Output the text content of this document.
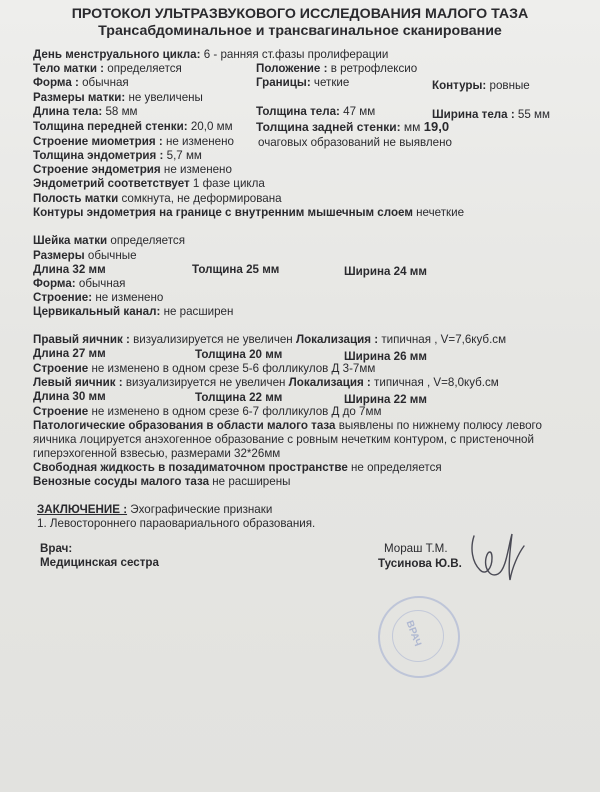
ПРОТОКОЛ УЛЬТРАЗВУКОВОГО ИССЛЕДОВАНИЯ МАЛОГО ТАЗА
Трансабдоминальное и трансвагинальное сканирование
День менструального цикла: 6 - ранняя ст.фазы пролиферации
Тело матки : определяется	Положение : в ретрофлексио
Форма : обычная	Границы: четкие	Контуры: ровные
Размеры матки: не увеличены
Длина тела: 58 мм	Толщина тела: 47 мм	Ширина тела : 55 мм
Толщина передней стенки: 20,0 мм Толщина задней стенки: мм 19,0
Строение миометрия : не изменено очаговых образований не выявлено
Толщина эндометрия : 5,7 мм
Строение эндометрия не изменено
Эндометрий соответствует 1 фазе цикла
Полость матки сомкнута, не деформирована
Контуры эндометрия на границе с внутренним мышечным слоем нечеткие
Шейка матки определяется
Размеры обычные
Длина 32 мм	Толщина 25 мм	Ширина 24 мм
Форма: обычная
Строение: не изменено
Цервикальный канал: не расширен
Правый яичник : визуализируется не увеличен Локализация : типичная , V=7,6куб.см
Длина 27 мм	Толщина 20 мм	Ширина 26 мм
Строение не изменено в одном срезе 5-6 фолликулов Д 3-7мм
Левый яичник : визуализируется не увеличен Локализация : типичная , V=8,0куб.см
Длина 30 мм	Толщина 22 мм	Ширина 22 мм
Строение не изменено в одном срезе 6-7 фолликулов Д до 7мм
Патологические образования в области малого таза выявлены по нижнему полюсу левого
яичника лоцируется анэхогенное образование с ровным нечетким контуром, с пристеночной
гиперэхогенной взвесью, размерами 32*26мм
Свободная жидкость в позадиматочном пространстве не определяется
Венозные сосуды малого таза не расширены
ЗАКЛЮЧЕНИЕ : Эхографические признаки
1. Левостороннего параовариального образования.
Врач:
Медицинская сестра
Мораш Т.М.
Тусинова Ю.В.
ВРАЧ
